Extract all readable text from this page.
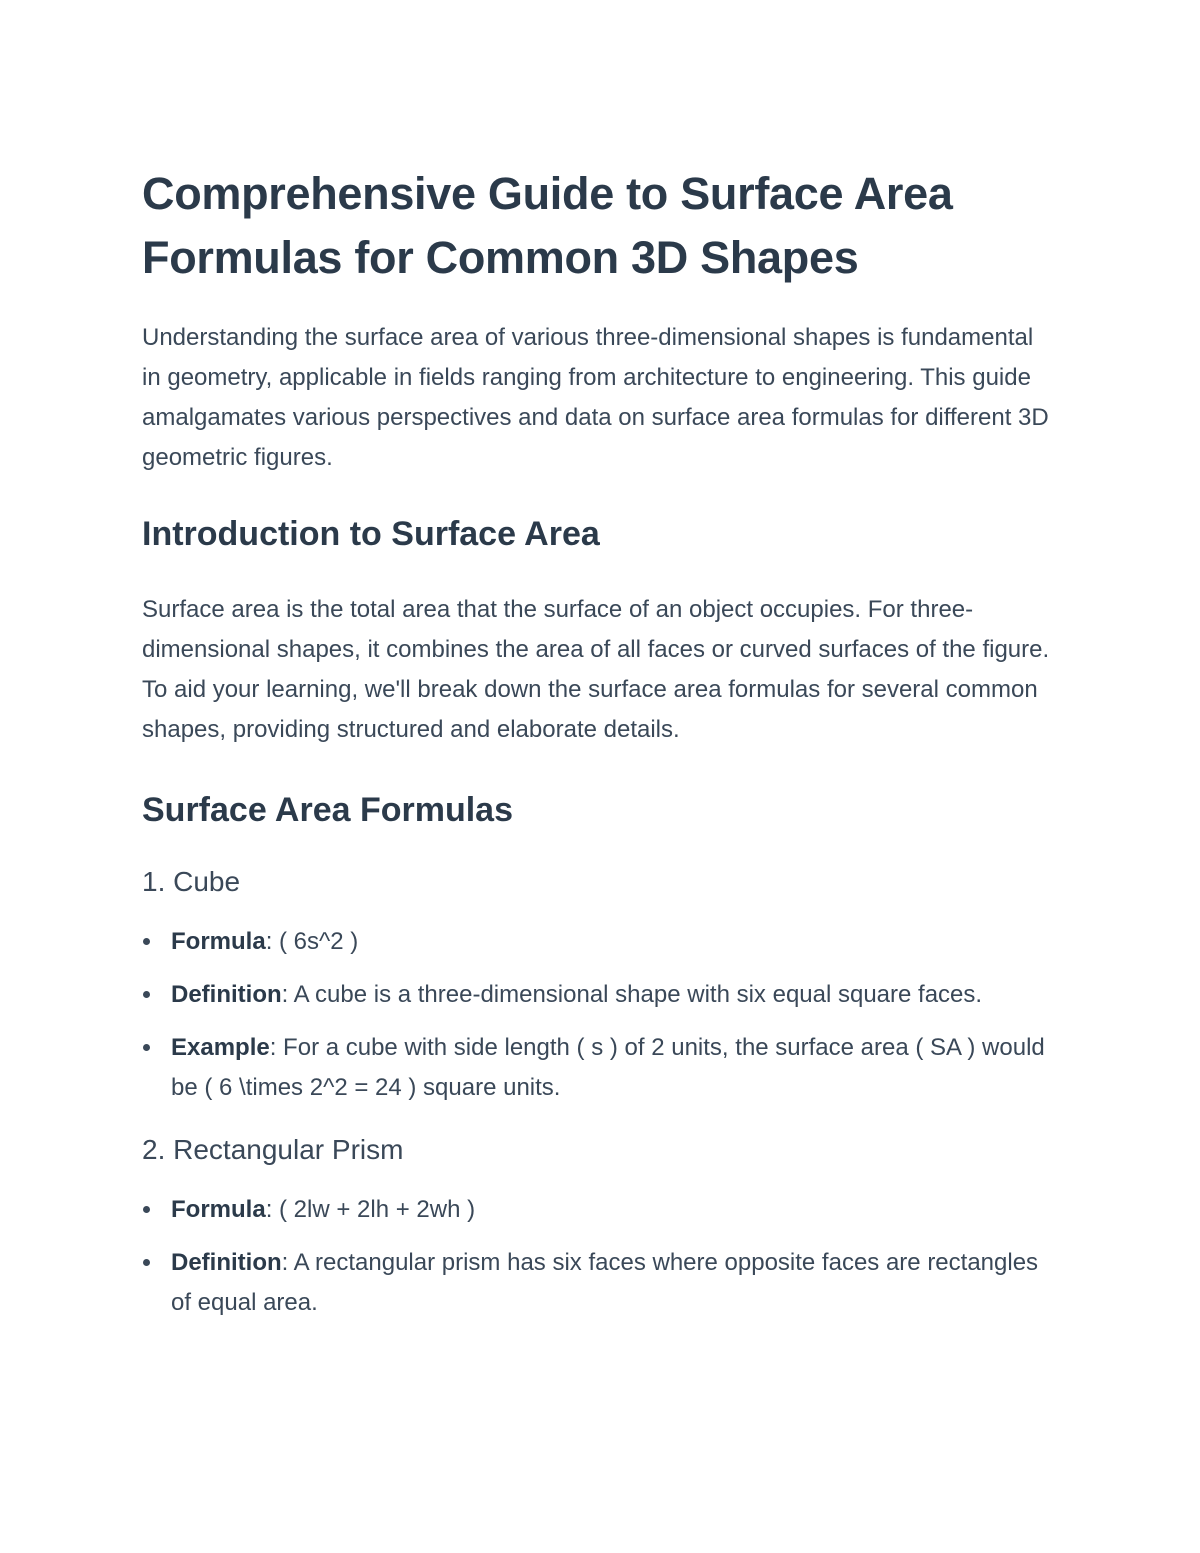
Comprehensive Guide to Surface Area Formulas for Common 3D Shapes

Understanding the surface area of various three-dimensional shapes is fundamental in geometry, applicable in fields ranging from architecture to engineering. This guide amalgamates various perspectives and data on surface area formulas for different 3D geometric figures.

Introduction to Surface Area

Surface area is the total area that the surface of an object occupies. For three-dimensional shapes, it combines the area of all faces or curved surfaces of the figure. To aid your learning, we'll break down the surface area formulas for several common shapes, providing structured and elaborate details.

Surface Area Formulas
1. Cube
Formula: ( 6s^2 )
Definition: A cube is a three-dimensional shape with six equal square faces.
Example: For a cube with side length ( s ) of 2 units, the surface area ( SA ) would be ( 6 \times 2^2 = 24 ) square units.
2. Rectangular Prism
Formula: ( 2lw + 2lh + 2wh )
Definition: A rectangular prism has six faces where opposite faces are rectangles of equal area.
